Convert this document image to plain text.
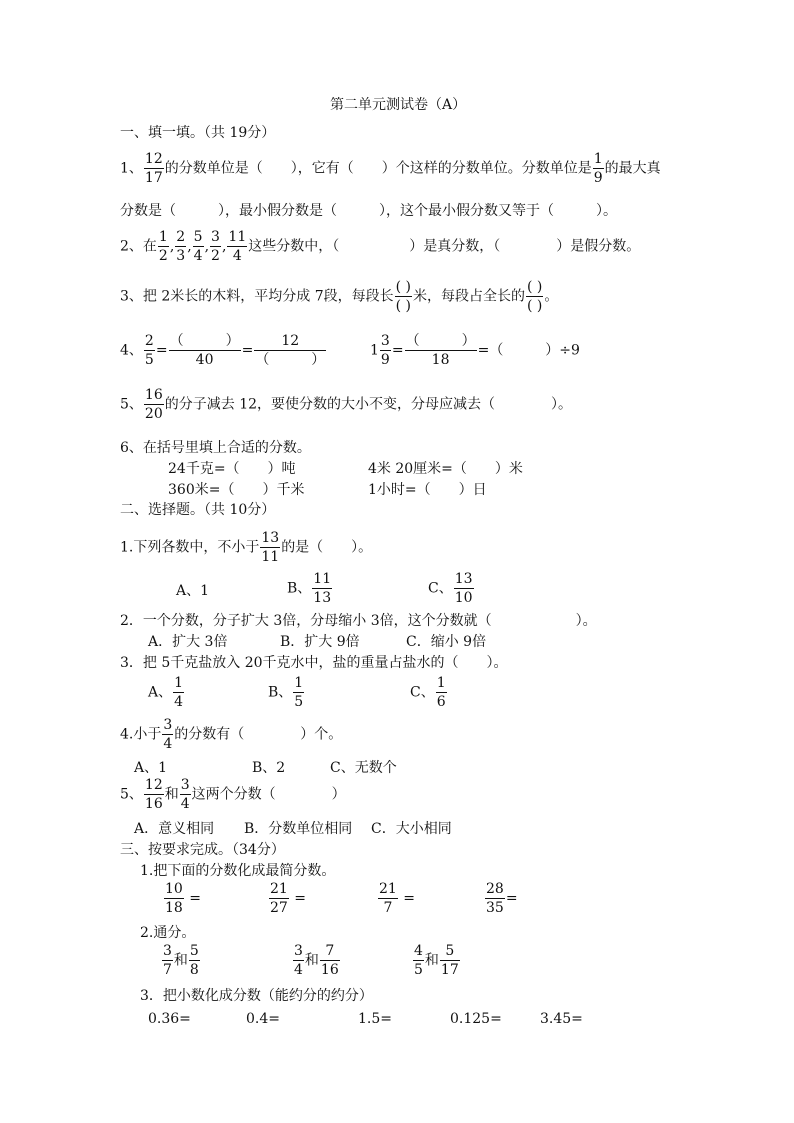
第二单元测试卷（A）
一、填一填。（共 19分）
1、 $\frac{12}{17}$ 的分数单位是（　　），它有（　　）个这样的分数单位。分数单位是 $\frac{1}{9}$ 的最大真
分数是（　　　），最小假分数是（　　　），这个最小假分数又等于（　　　）。
2、在 $\frac{1}{2}$ , $\frac{2}{3}$ , $\frac{5}{4}$ , $\frac{3}{2}$ , $\frac{11}{4}$ 这些分数中，（　　　　　）是真分数，（　　　　）是假分数。
3、把 2米长的木料，平均分成 7段，每段长
( )
( )
米，每段占全长的
( )
( )
。
4、 $\frac{2}{5}$ =
（　　　）
40
=
12
（　　　）
$1 \frac{3}{9}$ =
（　　　）
18
=（　　　）÷9
5、 $\frac{16}{20}$ 的分子减去 12，要使分数的大小不变，分母应减去（　　　　）。
6、在括号里填上合适的分数。
24千克=（　　）吨	4米 20厘米=（　　）米
360米=（　　）千米	1小时=（　　）日
二、选择题。（共 10分）
1.下列各数中，不小于 $\frac{13}{11}$ 的是（　　）。
A、1	B、 $\frac{11}{13}$	C、 $\frac{13}{10}$
2．一个分数，分子扩大 3倍，分母缩小 3倍，这个分数就（　　　　　　）。
A．扩大 3倍	B．扩大 9倍	C．缩小 9倍
3．把 5千克盐放入 20千克水中，盐的重量占盐水的（　　）。
A、 $\frac{1}{4}$	B、 $\frac{1}{5}$	C、 $\frac{1}{6}$
4.小于 $\frac{3}{4}$ 的分数有（　　　　）个。
A、1	B、2	C、无数个
5、 $\frac{12}{16}$ 和 $\frac{3}{4}$ 这两个分数（　　　　）
A．意义相同 B．分数单位相同 C．大小相同
三、按要求完成。（34分）
1.把下面的分数化成最简分数。
$\frac{10}{18}$ =	$\frac{21}{27}$ =	$\frac{21}{7}$ =	$\frac{28}{35}$ =
2.通分。
$\frac{3}{7}$ 和 $\frac{5}{8}$	$\frac{3}{4}$ 和 $\frac{7}{16}$	$\frac{4}{5}$ 和 $\frac{5}{17}$
3．把小数化成分数（能约分的约分）
0.36=	0.4=	1.5=	0.125=	3.45=
